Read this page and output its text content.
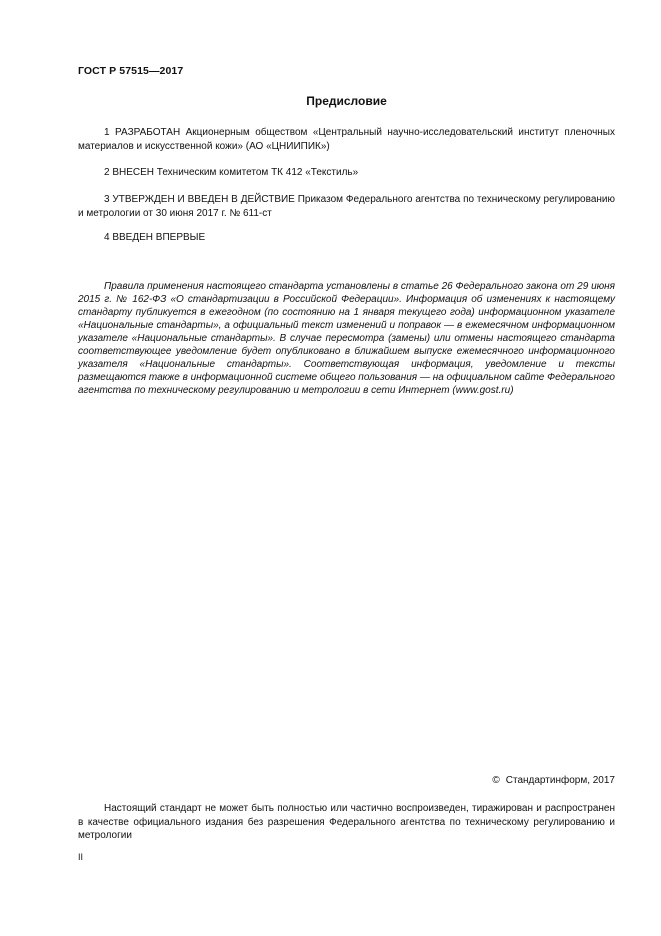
ГОСТ Р 57515—2017
Предисловие
1 РАЗРАБОТАН Акционерным обществом «Центральный научно-исследовательский институт пленочных материалов и искусственной кожи» (АО «ЦНИИПИК»)
2 ВНЕСЕН Техническим комитетом ТК 412 «Текстиль»
3 УТВЕРЖДЕН И ВВЕДЕН В ДЕЙСТВИЕ Приказом Федерального агентства по техническому регулированию и метрологии от 30 июня 2017 г. № 611-ст
4 ВВЕДЕН ВПЕРВЫЕ
Правила применения настоящего стандарта установлены в статье 26 Федерального закона от 29 июня 2015 г. № 162-ФЗ «О стандартизации в Российской Федерации». Информация об изменениях к настоящему стандарту публикуется в ежегодном (по состоянию на 1 января текущего года) информационном указателе «Национальные стандарты», а официальный текст изменений и поправок — в ежемесячном информационном указателе «Национальные стандарты». В случае пересмотра (замены) или отмены настоящего стандарта соответствующее уведомление будет опубликовано в ближайшем выпуске ежемесячного информационного указателя «Национальные стандарты». Соответствующая информация, уведомление и тексты размещаются также в информационной системе общего пользования — на официальном сайте Федерального агентства по техническому регулированию и метрологии в сети Интернет (www.gost.ru)
© Стандартинформ, 2017
Настоящий стандарт не может быть полностью или частично воспроизведен, тиражирован и распространен в качестве официального издания без разрешения Федерального агентства по техническому регулированию и метрологии
II
